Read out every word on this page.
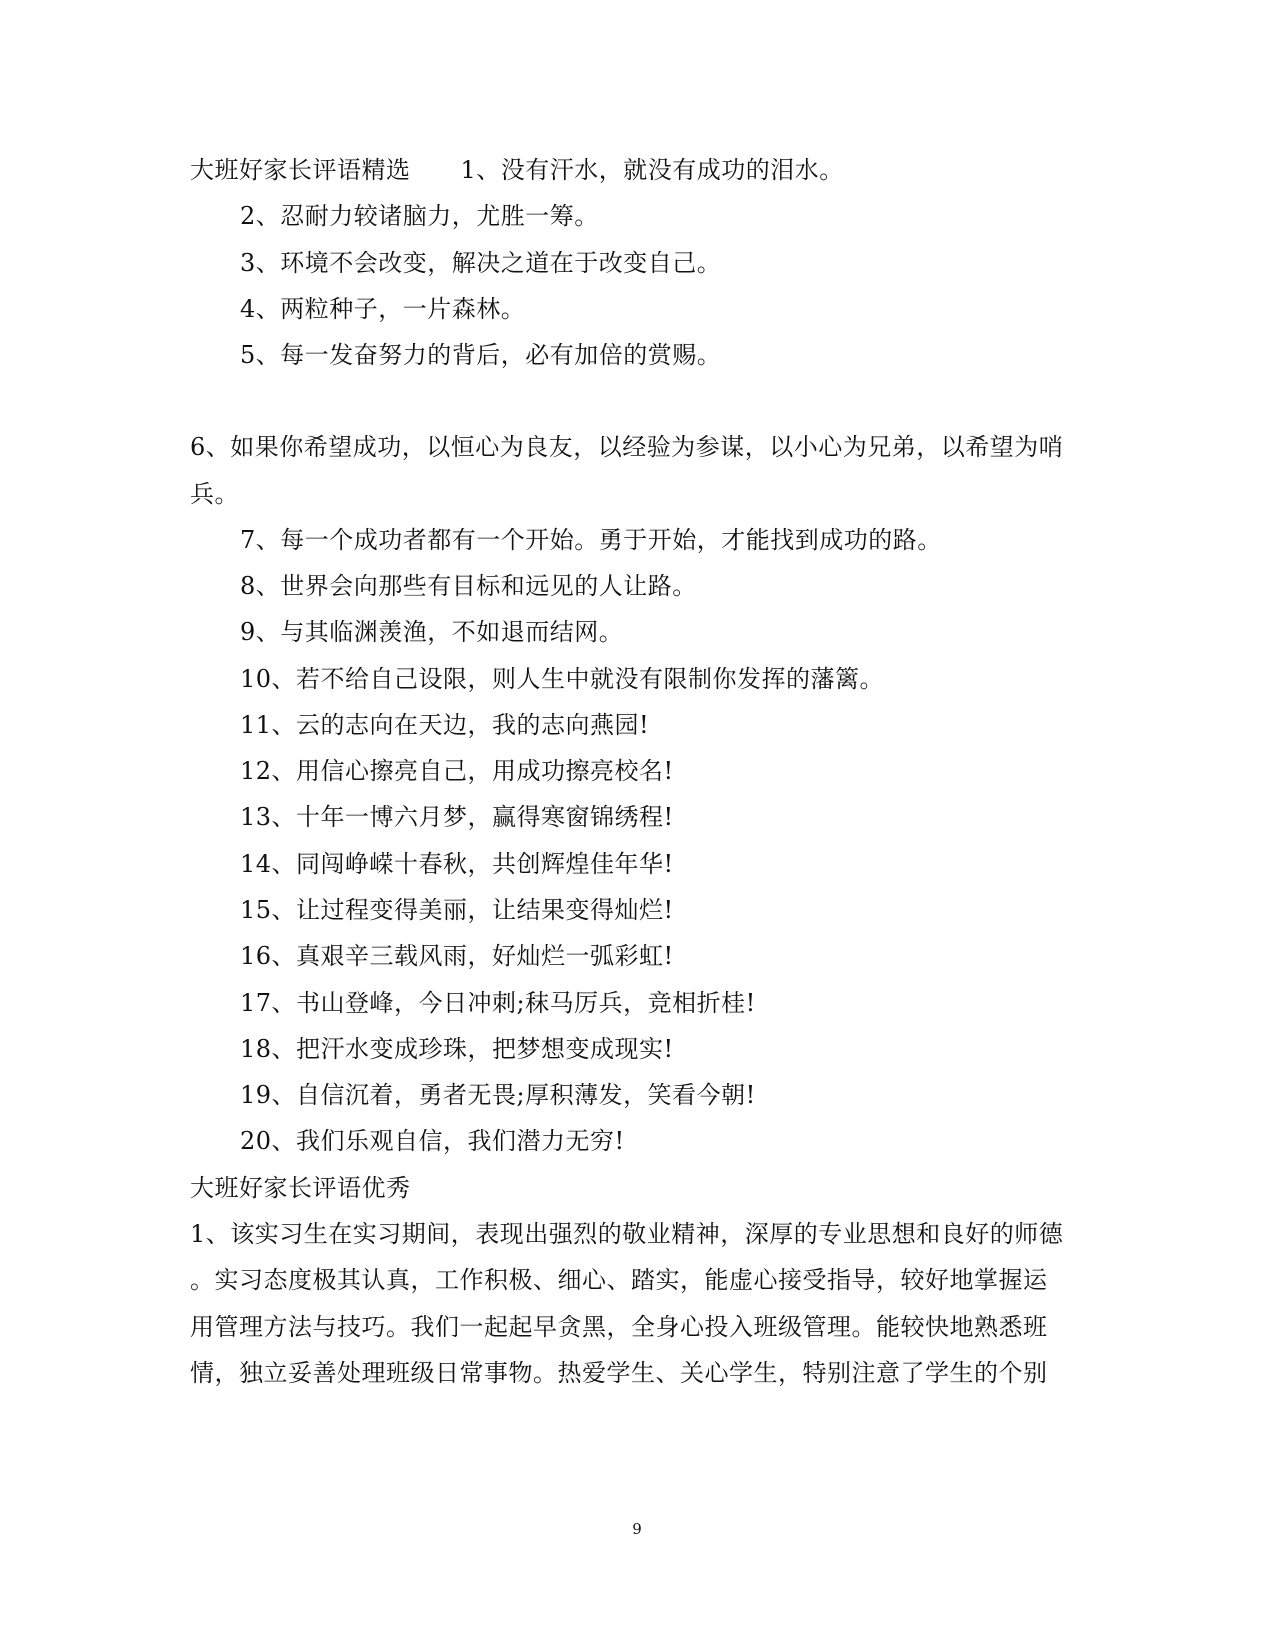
大班好家长评语精选 1、没有汗水，就没有成功的泪水。
2、忍耐力较诸脑力，尤胜一筹。
3、环境不会改变，解决之道在于改变自己。
4、两粒种子，一片森林。
5、每一发奋努力的背后，必有加倍的赏赐。
6、如果你希望成功，以恒心为良友，以经验为参谋，以小心为兄弟，以希望为哨
兵。
7、每一个成功者都有一个开始。勇于开始，才能找到成功的路。
8、世界会向那些有目标和远见的人让路。
9、与其临渊羡渔，不如退而结网。
10、若不给自己设限，则人生中就没有限制你发挥的藩篱。
11、云的志向在天边，我的志向燕园!
12、用信心擦亮自己，用成功擦亮校名!
13、十年一博六月梦，赢得寒窗锦绣程!
14、同闯峥嵘十春秋，共创辉煌佳年华!
15、让过程变得美丽，让结果变得灿烂!
16、真艰辛三载风雨，好灿烂一弧彩虹!
17、书山登峰，今日冲刺;秣马厉兵，竞相折桂!
18、把汗水变成珍珠，把梦想变成现实!
19、自信沉着，勇者无畏;厚积薄发，笑看今朝!
20、我们乐观自信，我们潜力无穷!
大班好家长评语优秀
1、该实习生在实习期间，表现出强烈的敬业精神，深厚的专业思想和良好的师德
。实习态度极其认真，工作积极、细心、踏实，能虚心接受指导，较好地掌握运
用管理方法与技巧。我们一起起早贪黑，全身心投入班级管理。能较快地熟悉班
情，独立妥善处理班级日常事物。热爱学生、关心学生，特别注意了学生的个别
9
